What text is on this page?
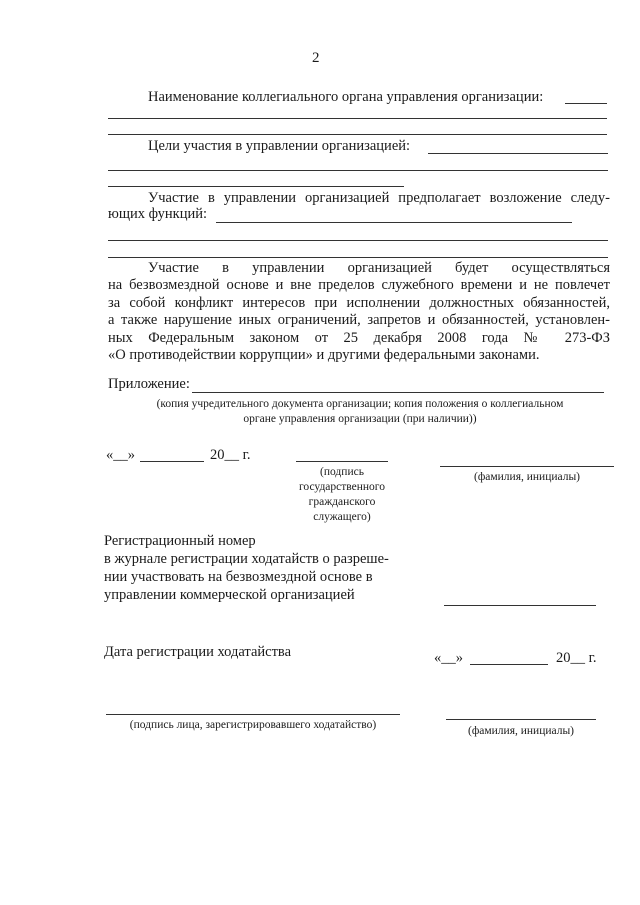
2
Наименование коллегиального органа управления организации:
Цели участия в управлении организацией:
Участие в управлении организацией предполагает возложение следу-
ющих функций:
Участие в управлении организацией будет осуществляться
на безвозмездной основе и вне пределов служебного времени и не повлечет
за собой конфликт интересов при исполнении должностных обязанностей,
а также нарушение иных ограничений, запретов и обязанностей, установлен-
ных Федеральным законом от 25 декабря 2008 года № 273-ФЗ
«О противодействии коррупции» и другими федеральными законами.
Приложение:
(копия учредительного документа организации; копия положения о коллегиальном
органе управления организации (при наличии))
«__»	20__ г.
(подпись
государственного
гражданского
служащего)
(фамилия, инициалы)
Регистрационный номер
в журнале регистрации ходатайств о разреше-
нии участвовать на безвозмездной основе в
управлении коммерческой организацией
Дата регистрации ходатайства	«__»	20__ г.
(подпись лица, зарегистрировавшего ходатайство)	(фамилия, инициалы)
